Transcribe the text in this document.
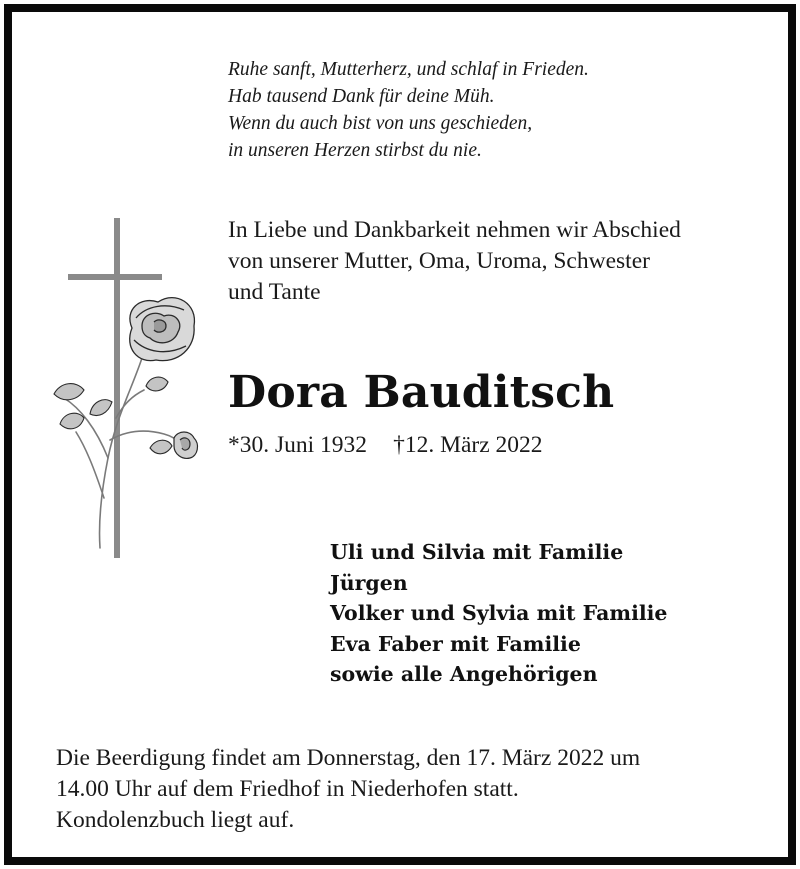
Ruhe sanft, Mutterherz, und schlaf in Frieden.
Hab tausend Dank für deine Müh.
Wenn du auch bist von uns geschieden,
in unseren Herzen stirbst du nie.
In Liebe und Dankbarkeit nehmen wir Abschied
von unserer Mutter, Oma, Uroma, Schwester
und Tante
Dora Bauditsch
*30. Juni 1932 †12. März 2022
Uli und Silvia mit Familie
Jürgen
Volker und Sylvia mit Familie
Eva Faber mit Familie
sowie alle Angehörigen
Die Beerdigung findet am Donnerstag, den 17. März 2022 um
14.00 Uhr auf dem Friedhof in Niederhofen statt.
Kondolenzbuch liegt auf.
